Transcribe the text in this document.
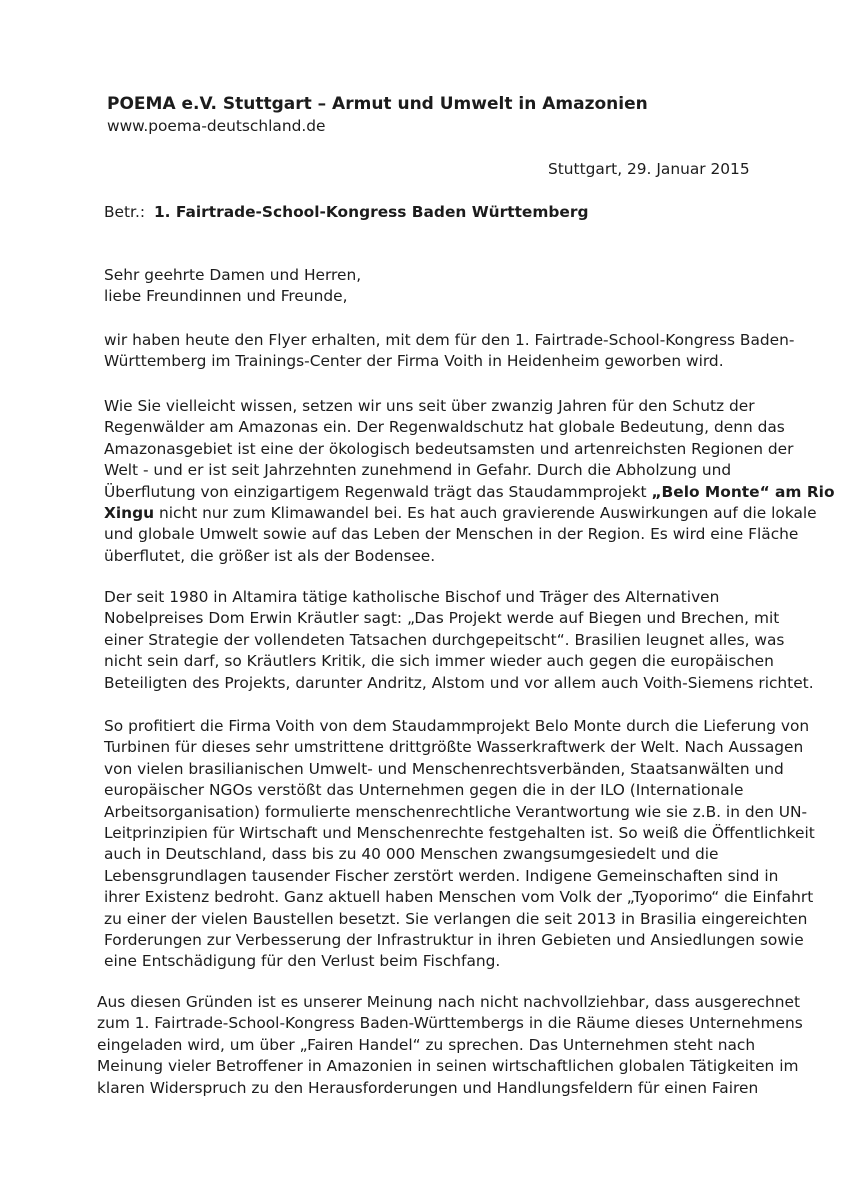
POEMA e.V. Stuttgart – Armut und Umwelt in Amazonien
www.poema-deutschland.de
Stuttgart, 29. Januar 2015
Betr.: 1. Fairtrade-School-Kongress Baden Württemberg
Sehr geehrte Damen und Herren,
liebe Freundinnen und Freunde,
wir haben heute den Flyer erhalten, mit dem für den 1. Fairtrade-School-Kongress Baden-
Württemberg im Trainings-Center der Firma Voith in Heidenheim geworben wird.
Wie Sie vielleicht wissen, setzen wir uns seit über zwanzig Jahren für den Schutz der
Regenwälder am Amazonas ein. Der Regenwaldschutz hat globale Bedeutung, denn das
Amazonasgebiet ist eine der ökologisch bedeutsamsten und artenreichsten Regionen der
Welt - und er ist seit Jahrzehnten zunehmend in Gefahr. Durch die Abholzung und
Überflutung von einzigartigem Regenwald trägt das Staudammprojekt „Belo Monte“ am Rio
Xingu nicht nur zum Klimawandel bei. Es hat auch gravierende Auswirkungen auf die lokale
und globale Umwelt sowie auf das Leben der Menschen in der Region. Es wird eine Fläche
überflutet, die größer ist als der Bodensee.
Der seit 1980 in Altamira tätige katholische Bischof und Träger des Alternativen
Nobelpreises Dom Erwin Kräutler sagt: „Das Projekt werde auf Biegen und Brechen, mit
einer Strategie der vollendeten Tatsachen durchgepeitscht“. Brasilien leugnet alles, was
nicht sein darf, so Kräutlers Kritik, die sich immer wieder auch gegen die europäischen
Beteiligten des Projekts, darunter Andritz, Alstom und vor allem auch Voith-Siemens richtet.
So profitiert die Firma Voith von dem Staudammprojekt Belo Monte durch die Lieferung von
Turbinen für dieses sehr umstrittene drittgrößte Wasserkraftwerk der Welt. Nach Aussagen
von vielen brasilianischen Umwelt- und Menschenrechtsverbänden, Staatsanwälten und
europäischer NGOs verstößt das Unternehmen gegen die in der ILO (Internationale
Arbeitsorganisation) formulierte menschenrechtliche Verantwortung wie sie z.B. in den UN-
Leitprinzipien für Wirtschaft und Menschenrechte festgehalten ist. So weiß die Öffentlichkeit
auch in Deutschland, dass bis zu 40 000 Menschen zwangsumgesiedelt und die
Lebensgrundlagen tausender Fischer zerstört werden. Indigene Gemeinschaften sind in
ihrer Existenz bedroht. Ganz aktuell haben Menschen vom Volk der „Tyoporimo“ die Einfahrt
zu einer der vielen Baustellen besetzt. Sie verlangen die seit 2013 in Brasilia eingereichten
Forderungen zur Verbesserung der Infrastruktur in ihren Gebieten und Ansiedlungen sowie
eine Entschädigung für den Verlust beim Fischfang.
Aus diesen Gründen ist es unserer Meinung nach nicht nachvollziehbar, dass ausgerechnet
zum 1. Fairtrade-School-Kongress Baden-Württembergs in die Räume dieses Unternehmens
eingeladen wird, um über „Fairen Handel“ zu sprechen. Das Unternehmen steht nach
Meinung vieler Betroffener in Amazonien in seinen wirtschaftlichen globalen Tätigkeiten im
klaren Widerspruch zu den Herausforderungen und Handlungsfeldern für einen Fairen
